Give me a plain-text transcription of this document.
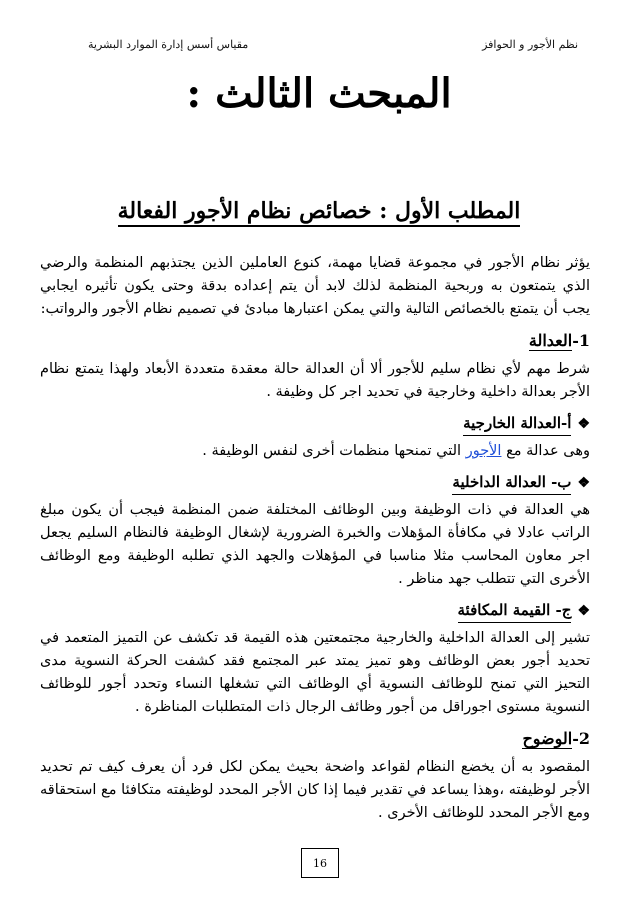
نظم الأجور و الحوافز
مقياس أسس إدارة الموارد البشرية
المبحث الثالث :
المطلب الأول : خصائص نظام الأجور الفعالة

يؤثر نظام الأجور في مجموعة قضايا مهمة، كنوع العاملين الذين يجتذبهم المنظمة والرضي الذي يتمتعون به وربحية المنظمة لذلك لابد أن يتم إعداده بدقة وحتى يكون تأثيره ايجابي يجب أن يتمتع بالخصائص التالية والتي يمكن اعتبارها مبادئ في تصميم نظام الأجور والرواتب:

1-العدالة

شرط مهم لأي نظام سليم للأجور ألا أن العدالة حالة معقدة متعددة الأبعاد ولهذا يتمتع نظام الأجر بعدالة داخلية وخارجية في تحديد اجر كل وظيفة .

❖
أ-العدالة الخارجية

وهى عدالة مع الأجور التي تمنحها منظمات أخرى لنفس الوظيفة .

❖
ب- العدالة الداخلية

هي العدالة في ذات الوظيفة وبين الوظائف المختلفة ضمن المنظمة فيجب أن يكون مبلغ الراتب عادلا في مكافأة المؤهلات والخبرة الضرورية لإشغال الوظيفة فالنظام السليم يجعل اجر معاون المحاسب مثلا مناسبا في المؤهلات والجهد الذي تطلبه الوظيفة ومع الوظائف الأخرى التي تتطلب جهد مناظر .

❖
ج- القيمة المكافئة

تشير إلى العدالة الداخلية والخارجية مجتمعتين هذه القيمة قد تكشف عن التميز المتعمد في تحديد أجور بعض الوظائف وهو تميز يمتد عبر المجتمع فقد كشفت الحركة النسوية مدى التحيز التي تمنح للوظائف النسوية أي الوظائف التي تشغلها النساء وتحدد أجور للوظائف النسوية مستوى اجوراقل من أجور وظائف الرجال ذات المتطلبات المناظرة .

2-الوضوح

المقصود به أن يخضع النظام لقواعد واضحة بحيث يمكن لكل فرد أن يعرف كيف تم تحديد الأجر لوظيفته ،وهذا يساعد في تقدير فيما إذا كان الأجر المحدد لوظيفته متكافئا مع استحقاقه ومع الأجر المحدد للوظائف الأخرى .

16
